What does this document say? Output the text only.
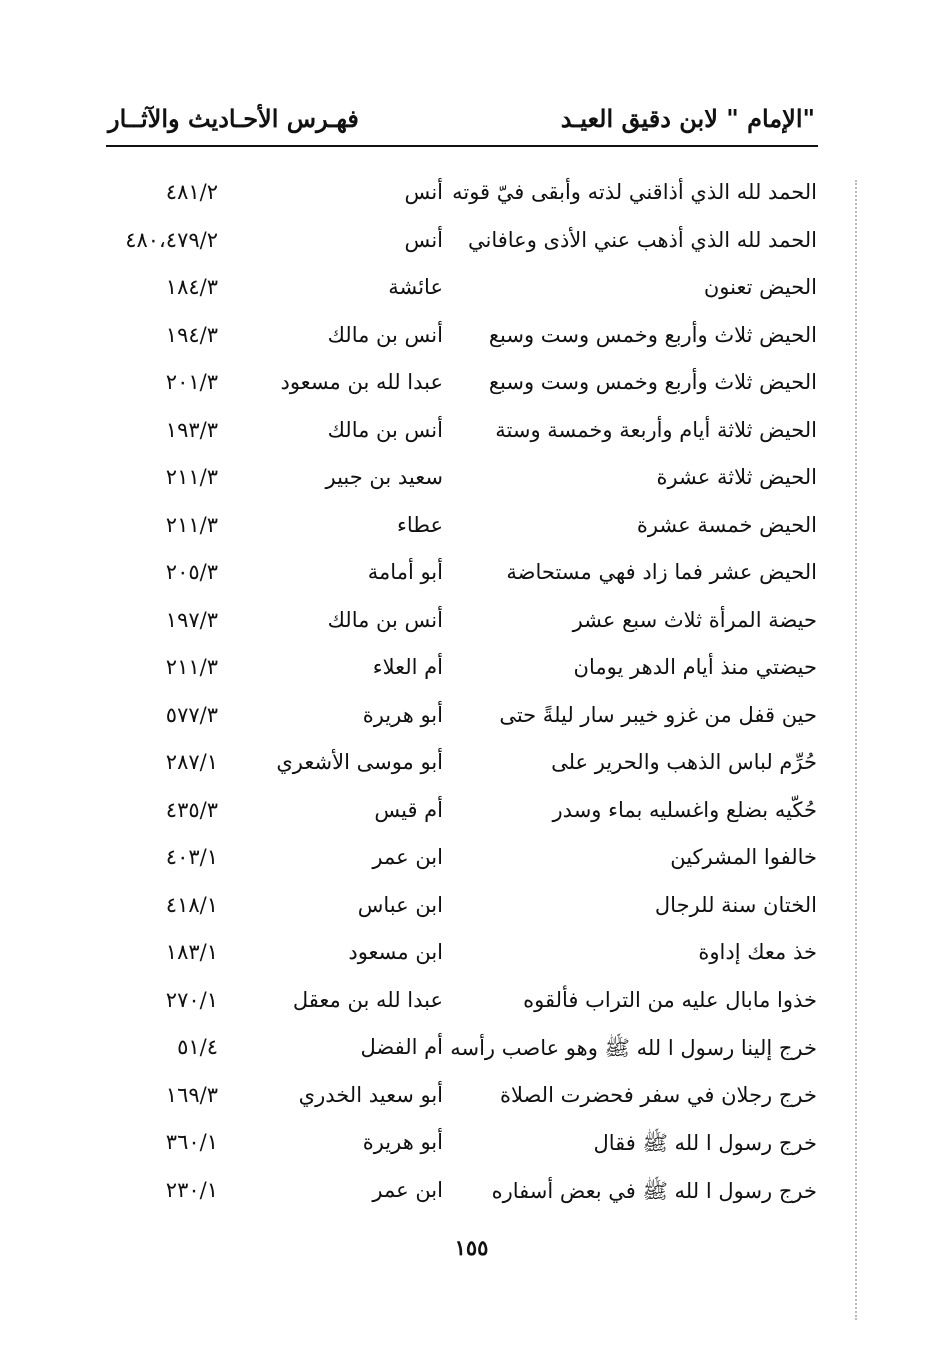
"الإمام " لابن دقيق العيـد
فهـرس الأحـاديث والآثــار
الحمد لله الذي أذاقني لذته وأبقى فيّ قوته
أنس
٤٨١/٢
الحمد لله الذي أذهب عني الأذى وعافاني
أنس
٤٨٠،٤٧٩/٢
الحيض تعنون
عائشة
١٨٤/٣
الحيض ثلاث وأربع وخمس وست وسبع
أنس بن مالك
١٩٤/٣
الحيض ثلاث وأربع وخمس وست وسبع
عبدا لله بن مسعود
٢٠١/٣
الحيض ثلاثة أيام وأربعة وخمسة وستة
أنس بن مالك
١٩٣/٣
الحيض ثلاثة عشرة
سعيد بن جبير
٢١١/٣
الحيض خمسة عشرة
عطاء
٢١١/٣
الحيض عشر فما زاد فهي مستحاضة
أبو أمامة
٢٠٥/٣
حيضة المرأة ثلاث سبع عشر
أنس بن مالك
١٩٧/٣
حيضتي منذ أيام الدهر يومان
أم العلاء
٢١١/٣
حين قفل من غزو خيبر سار ليلةً حتى
أبو هريرة
٥٧٧/٣
حُرِّم لباس الذهب والحرير على
أبو موسى الأشعري
٢٨٧/١
حُكّيه بضلع واغسليه بماء وسدر
أم قيس
٤٣٥/٣
خالفوا المشركين
ابن عمر
٤٠٣/١
الختان سنة للرجال
ابن عباس
٤١٨/١
خذ معك إداوة
ابن مسعود
١٨٣/١
خذوا مابال عليه من التراب فألقوه
عبدا لله بن معقل
٢٧٠/١
خرج إلينا رسول ا لله ﷺ وهو عاصب رأسه
أم الفضل
٥١/٤
خرج رجلان في سفر فحضرت الصلاة
أبو سعيد الخدري
١٦٩/٣
خرج رسول ا لله ﷺ فقال
أبو هريرة
٣٦٠/١
خرج رسول ا لله ﷺ في بعض أسفاره
ابن عمر
٢٣٠/١
١٥٥
